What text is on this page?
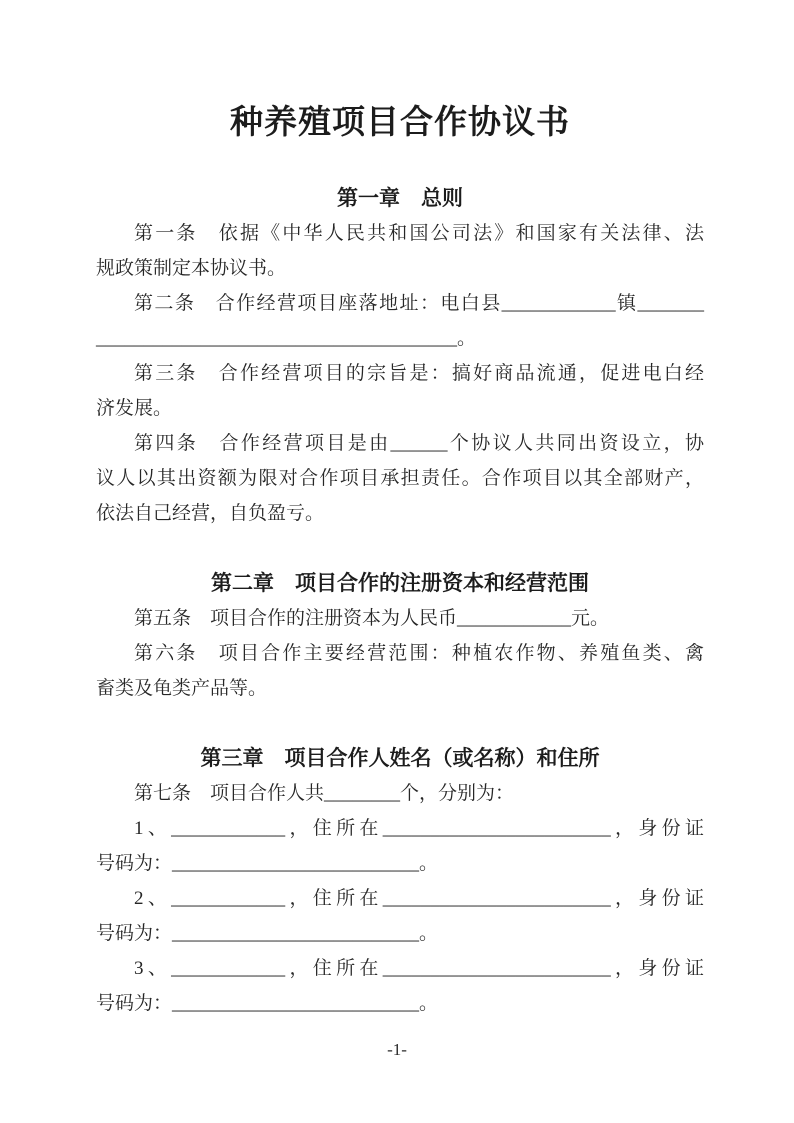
种养殖项目合作协议书
第一章　总则
第一条　依据《中华人民共和国公司法》和国家有关法律、法
规政策制定本协议书。
第二条　合作经营项目座落地址：电白县____________镇_______
______________________________________。
第三条　合作经营项目的宗旨是：搞好商品流通，促进电白经
济发展。
第四条　合作经营项目是由______个协议人共同出资设立，协
议人以其出资额为限对合作项目承担责任。合作项目以其全部财产，
依法自己经营，自负盈亏。
第二章　项目合作的注册资本和经营范围
第五条　项目合作的注册资本为人民币____________元。
第六条　项目合作主要经营范围：种植农作物、养殖鱼类、禽
畜类及龟类产品等。
第三章　项目合作人姓名（或名称）和住所
第七条　项目合作人共________个，分别为：
1、____________，住所在________________________，身份证
号码为：__________________________。
2、____________，住所在________________________，身份证
号码为：__________________________。
3、____________，住所在________________________，身份证
号码为：__________________________。
-1-
